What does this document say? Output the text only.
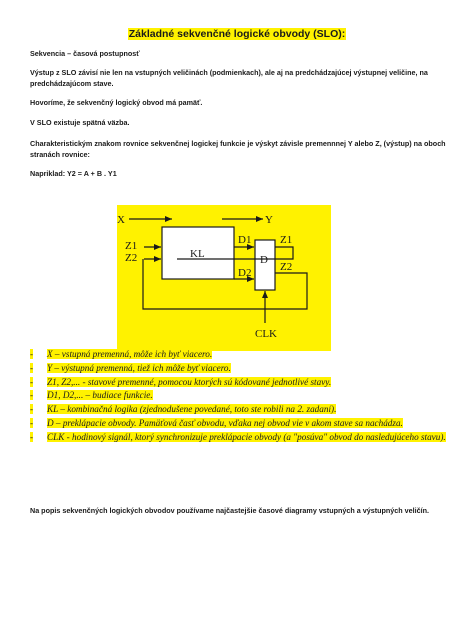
Základné sekvenčné logické obvody (SLO):

Sekvencia – časová postupnosť

Výstup z SLO závisí nie len na vstupných veličinách (podmienkach), ale aj na predchádzajúcej výstupnej veličine, na predchádzajúcom stave.

Hovoríme, že sekvenčný logický obvod má pamäť.

V SLO existuje spätná väzba.

Charakteristickým znakom rovnice sekvenčnej logickej funkcie je výskyt závisle premennnej Y alebo Z, (výstup) na oboch stranách rovnice:

Napriklad: Y2 = A + B . Y1

X	Y
Z1
Z2	KL
D1
D2
D
Z1
Z2
CLK
- X – vstupná premenná, môže ich byť viacero.
- Y – výstupná premenná, tiež ich môže byť viacero.
- Z1, Z2,... - stavové premenné, pomocou ktorých sú kódované jednotlivé stavy.
- D1, D2,... – budiace funkcie.
- KL – kombinačná logika (zjednodušene povedané, toto ste robili na 2. zadaní).
- D – preklápacie obvody. Pamäťová časť obvodu, vďaka nej obvod vie v akom stave sa nachádza.
- CLK - hodinový signál, ktorý synchronizuje preklápacie obvody (a "posúva" obvod do nasledujúceho stavu).

Na popis sekvenčných logických obvodov používame najčastejšie časové diagramy vstupných a výstupných veličín.
